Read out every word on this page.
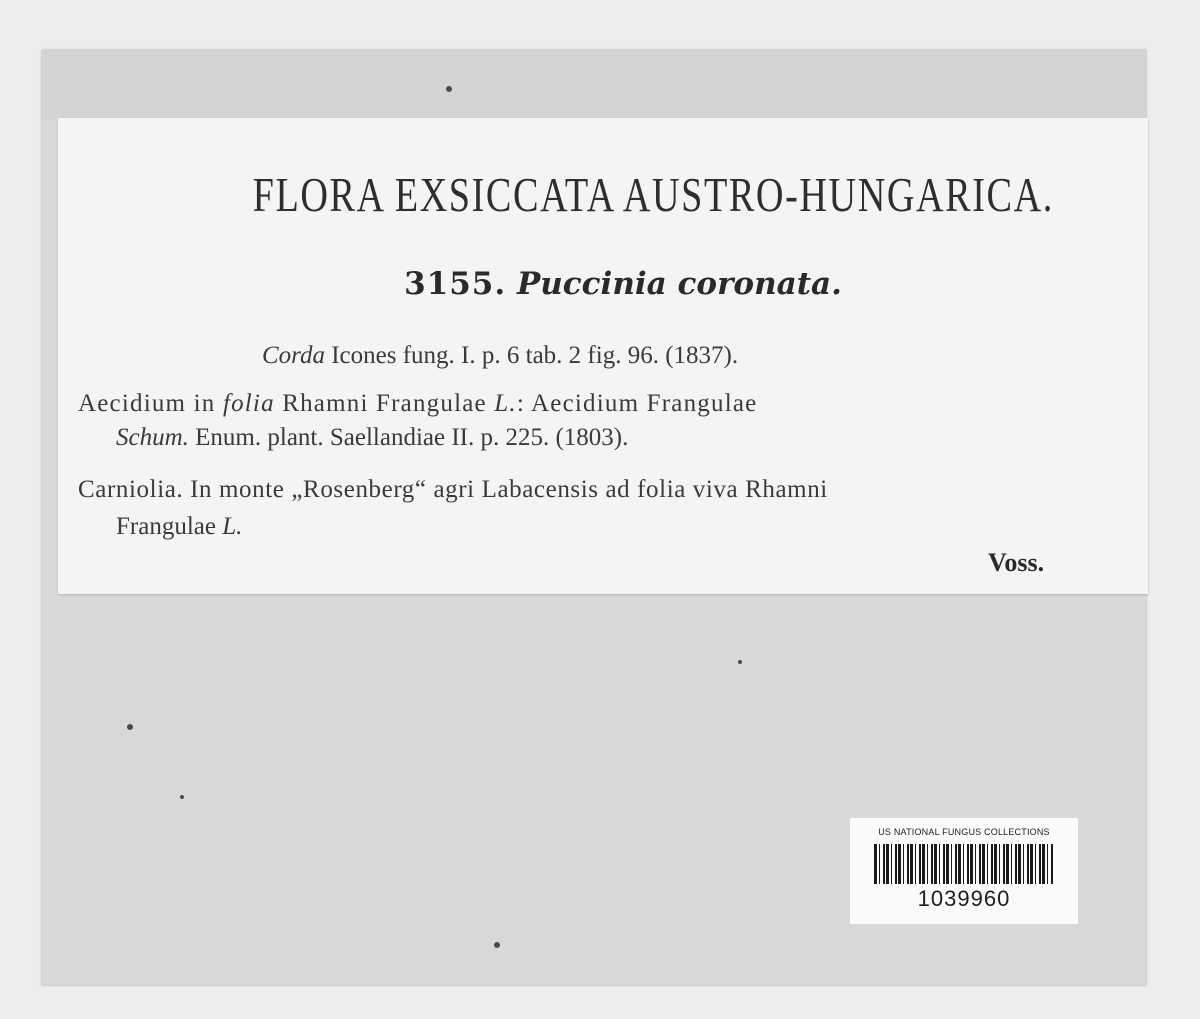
FLORA EXSICCATA AUSTRO-HUNGARICA.
3155. Puccinia coronata.
Corda Icones fung. I. p. 6 tab. 2 fig. 96. (1837).
Aecidium in folia Rhamni Frangulae L.: Aecidium Frangulae
Schum. Enum. plant. Saellandiae II. p. 225. (1803).
Carniolia. In monte „Rosenberg“ agri Labacensis ad folia viva Rhamni
Frangulae L.
Voss.
US NATIONAL FUNGUS COLLECTIONS
1039960
